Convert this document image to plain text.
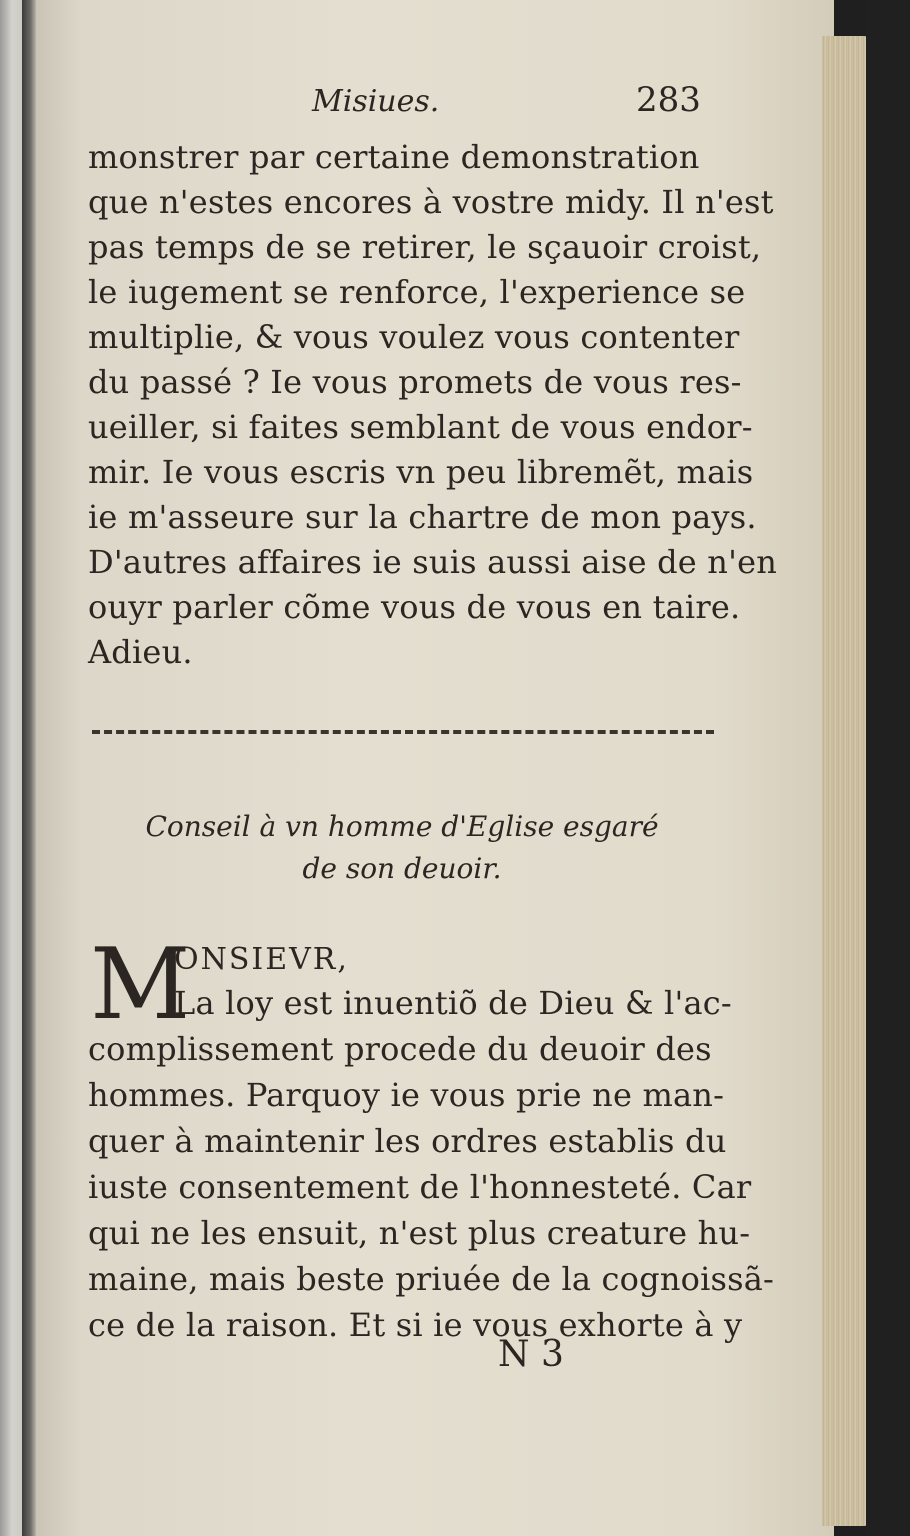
Misiues.	283

monstrer par certaine demonstration

que n'estes encores à vostre midy. Il n'est

pas temps de se retirer, le sçauoir croist,

le iugement se renforce, l'experience se

multiplie, & vous voulez vous contenter

du passé ? Ie vous promets de vous res-

ueiller, si faites semblant de vous endor-

mir. Ie vous escris vn peu libremẽt, mais

ie m'asseure sur la chartre de mon pays.

D'autres affaires ie suis aussi aise de n'en

ouyr parler cõme vous de vous en taire.

Adieu.

Conseil à vn homme d'Eglise esgaré

de son deuoir.

M

ONSIEVR,

La loy est inuentiõ de Dieu & l'ac-

complissement procede du deuoir des

hommes. Parquoy ie vous prie ne man-

quer à maintenir les ordres establis du

iuste consentement de l'honnesteté. Car

qui ne les ensuit, n'est plus creature hu-

maine, mais beste priuée de la cognoissã-

ce de la raison. Et si ie vous exhorte à y

N 3
